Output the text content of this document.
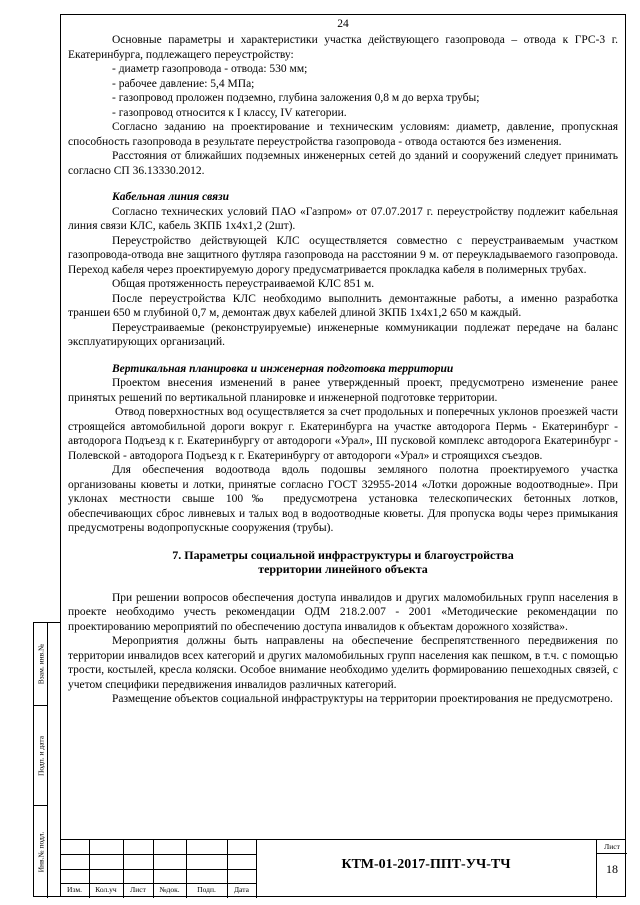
Взам. инв.№
Подп. и дата
Инв.№ подл.
24

Основные параметры и характеристики участка действующего газопровода – отвода к ГРС-3 г. Екатеринбурга, подлежащего переустройству:

- диаметр газопровода - отвода: 530 мм;

- рабочее давление: 5,4 МПа;

- газопровод проложен подземно, глубина заложения 0,8 м до верха трубы;

- газопровод относится к I классу, IV категории.

Согласно заданию на проектирование и техническим условиям: диаметр, давление, пропускная способность газопровода в результате переустройства газопровода - отвода остаются без изменения.

Расстояния от ближайших подземных инженерных сетей до зданий и сооружений следует принимать согласно СП 36.13330.2012.

Кабельная линия связи

Согласно технических условий ПАО «Газпром» от 07.07.2017 г. переустройству подлежит кабельная линия связи КЛС, кабель ЗКПБ 1х4х1,2 (2шт).

Переустройство действующей КЛС осуществляется совместно с переустраиваемым участком газопровода-отвода вне защитного футляра газопровода на расстоянии 9 м. от переукладываемого газопровода. Переход кабеля через проектируемую дорогу предусматривается прокладка кабеля в полимерных трубах.

Общая протяженность переустраиваемой КЛС 851 м.

После переустройства КЛС необходимо выполнить демонтажные работы, а именно разработка траншеи 650 м глубиной 0,7 м, демонтаж двух кабелей длиной ЗКПБ 1х4х1,2 650 м каждый.

Переустраиваемые (реконструируемые) инженерные коммуникации подлежат передаче на баланс эксплуатирующих организаций.

Вертикальная планировка и инженерная подготовка территории

Проектом внесения изменений в ранее утвержденный проект, предусмотрено изменение ранее принятых решений по вертикальной планировке и инженерной подготовке территории.

Отвод поверхностных вод осуществляется за счет продольных и поперечных уклонов проезжей части строящейся автомобильной дороги вокруг г. Екатеринбурга на участке автодорога Пермь - Екатеринбург - автодорога Подъезд к г. Екатеринбургу от автодороги «Урал», III пусковой комплекс автодорога Екатеринбург - Полевской - автодорога Подъезд к г. Екатеринбургу от автодороги «Урал» и строящихся съездов.

Для обеспечения водоотвода вдоль подошвы земляного полотна проектируемого участка организованы кюветы и лотки, принятые согласно ГОСТ 32955-2014 «Лотки дорожные водоотводные». При уклонах местности свыше 100‰ предусмотрена установка телескопических бетонных лотков, обеспечивающих сброс ливневых и талых вод в водоотводные кюветы. Для пропуска воды через примыкания предусмотрены водопропускные сооружения (трубы).

7. Параметры социальной инфраструктуры и благоустройства
территории линейного объекта

При решении вопросов обеспечения доступа инвалидов и других маломобильных групп населения в проекте необходимо учесть рекомендации ОДМ 218.2.007 - 2001 «Методические рекомендации по проектированию мероприятий по обеспечению доступа инвалидов к объектам дорожного хозяйства».

Мероприятия должны быть направлены на обеспечение беспрепятственного передвижения по территории инвалидов всех категорий и других маломобильных групп населения как пешком, в т.ч. с помощью трости, костылей, кресла коляски. Особое внимание необходимо уделить формированию пешеходных связей, с учетом специфики передвижения инвалидов различных категорий.

Размещение объектов социальной инфраструктуры на территории проектирования не предусмотрено.

Изм.	Кол.уч	Лист	№док.	Подп.	Дата
КТМ-01-2017-ППТ-УЧ-ТЧ
Лист
18
